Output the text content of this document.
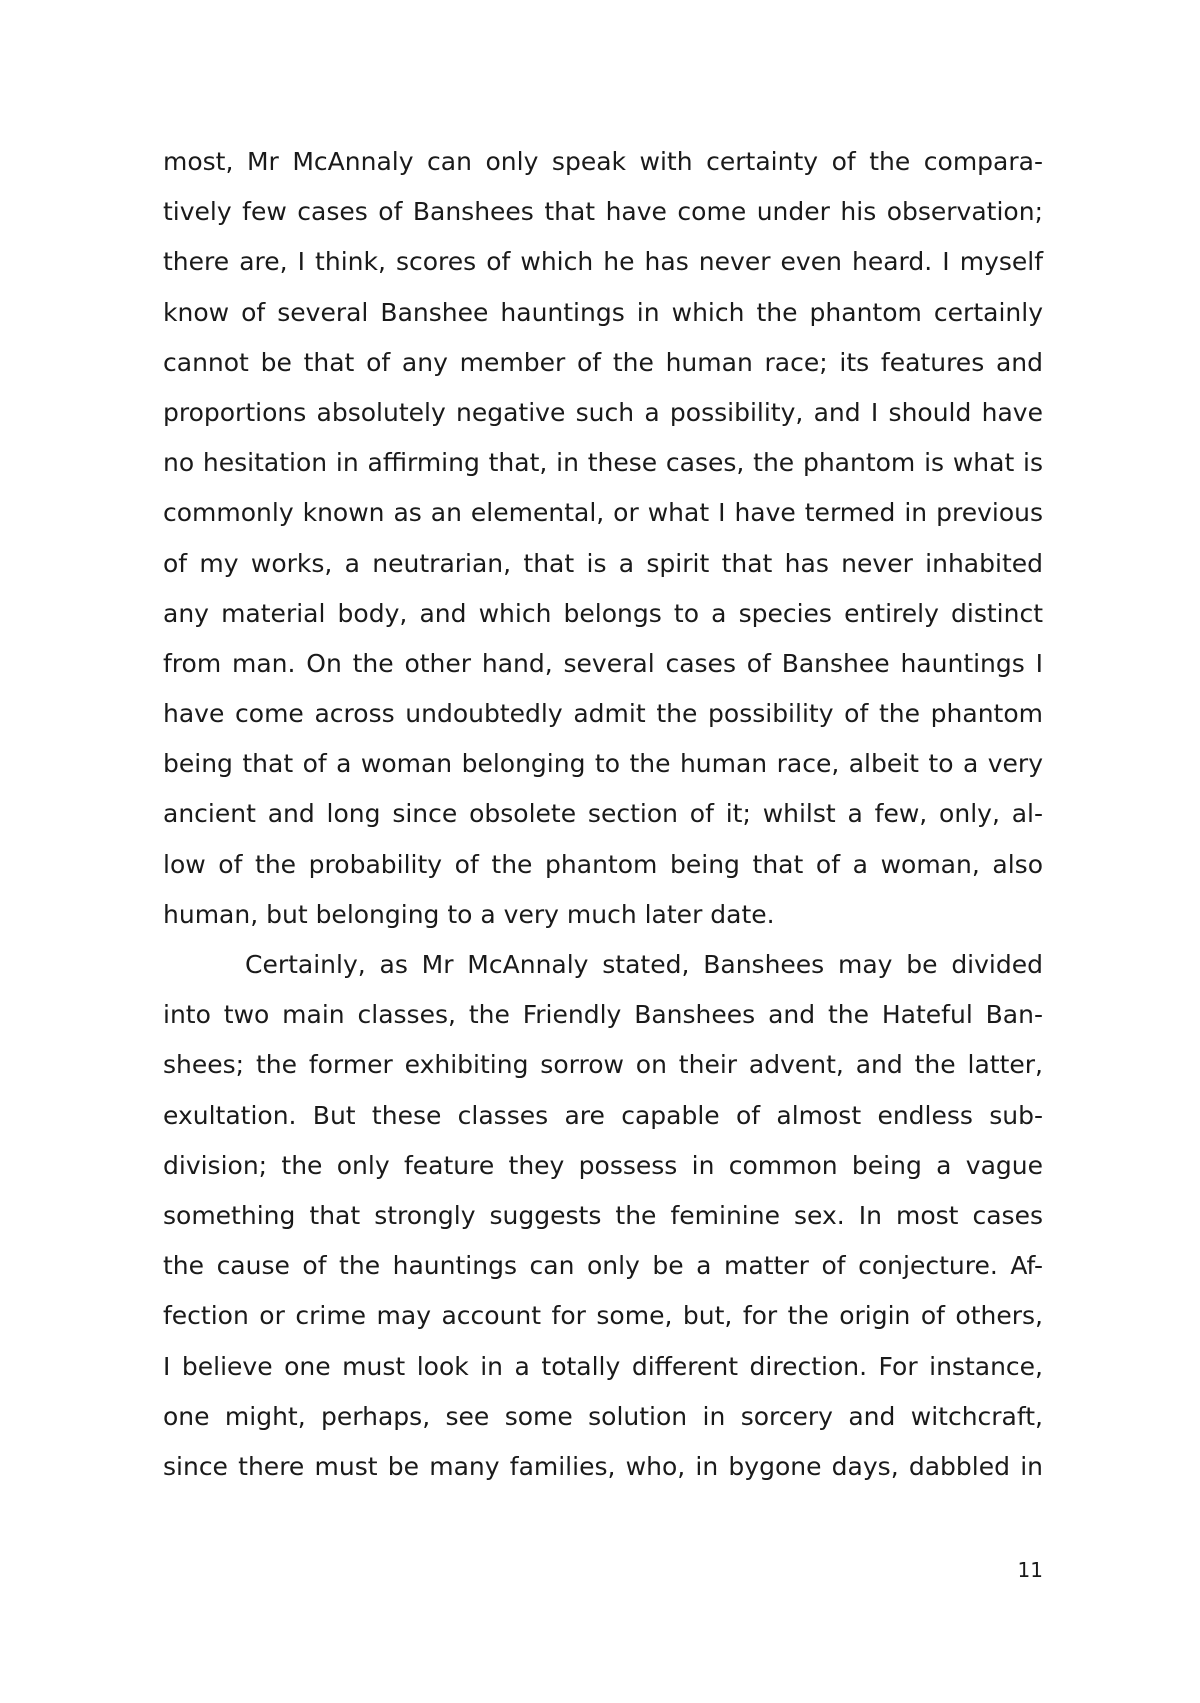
most, Mr McAnnaly can only speak with certainty of the compara-
tively few cases of Banshees that have come under his observation;
there are, I think, scores of which he has never even heard. I myself
know of several Banshee hauntings in which the phantom certainly
cannot be that of any member of the human race; its features and
proportions absolutely negative such a possibility, and I should have
no hesitation in affirming that, in these cases, the phantom is what is
commonly known as an elemental, or what I have termed in previous
of my works, a neutrarian, that is a spirit that has never inhabited
any material body, and which belongs to a species entirely distinct
from man. On the other hand, several cases of Banshee hauntings I
have come across undoubtedly admit the possibility of the phantom
being that of a woman belonging to the human race, albeit to a very
ancient and long since obsolete section of it; whilst a few, only, al-
low of the probability of the phantom being that of a woman, also
human, but belonging to a very much later date.
Certainly, as Mr McAnnaly stated, Banshees may be divided
into two main classes, the Friendly Banshees and the Hateful Ban-
shees; the former exhibiting sorrow on their advent, and the latter,
exultation. But these classes are capable of almost endless sub-
division; the only feature they possess in common being a vague
something that strongly suggests the feminine sex. In most cases
the cause of the hauntings can only be a matter of conjecture. Af-
fection or crime may account for some, but, for the origin of others,
I believe one must look in a totally different direction. For instance,
one might, perhaps, see some solution in sorcery and witchcraft,
since there must be many families, who, in bygone days, dabbled in
11
